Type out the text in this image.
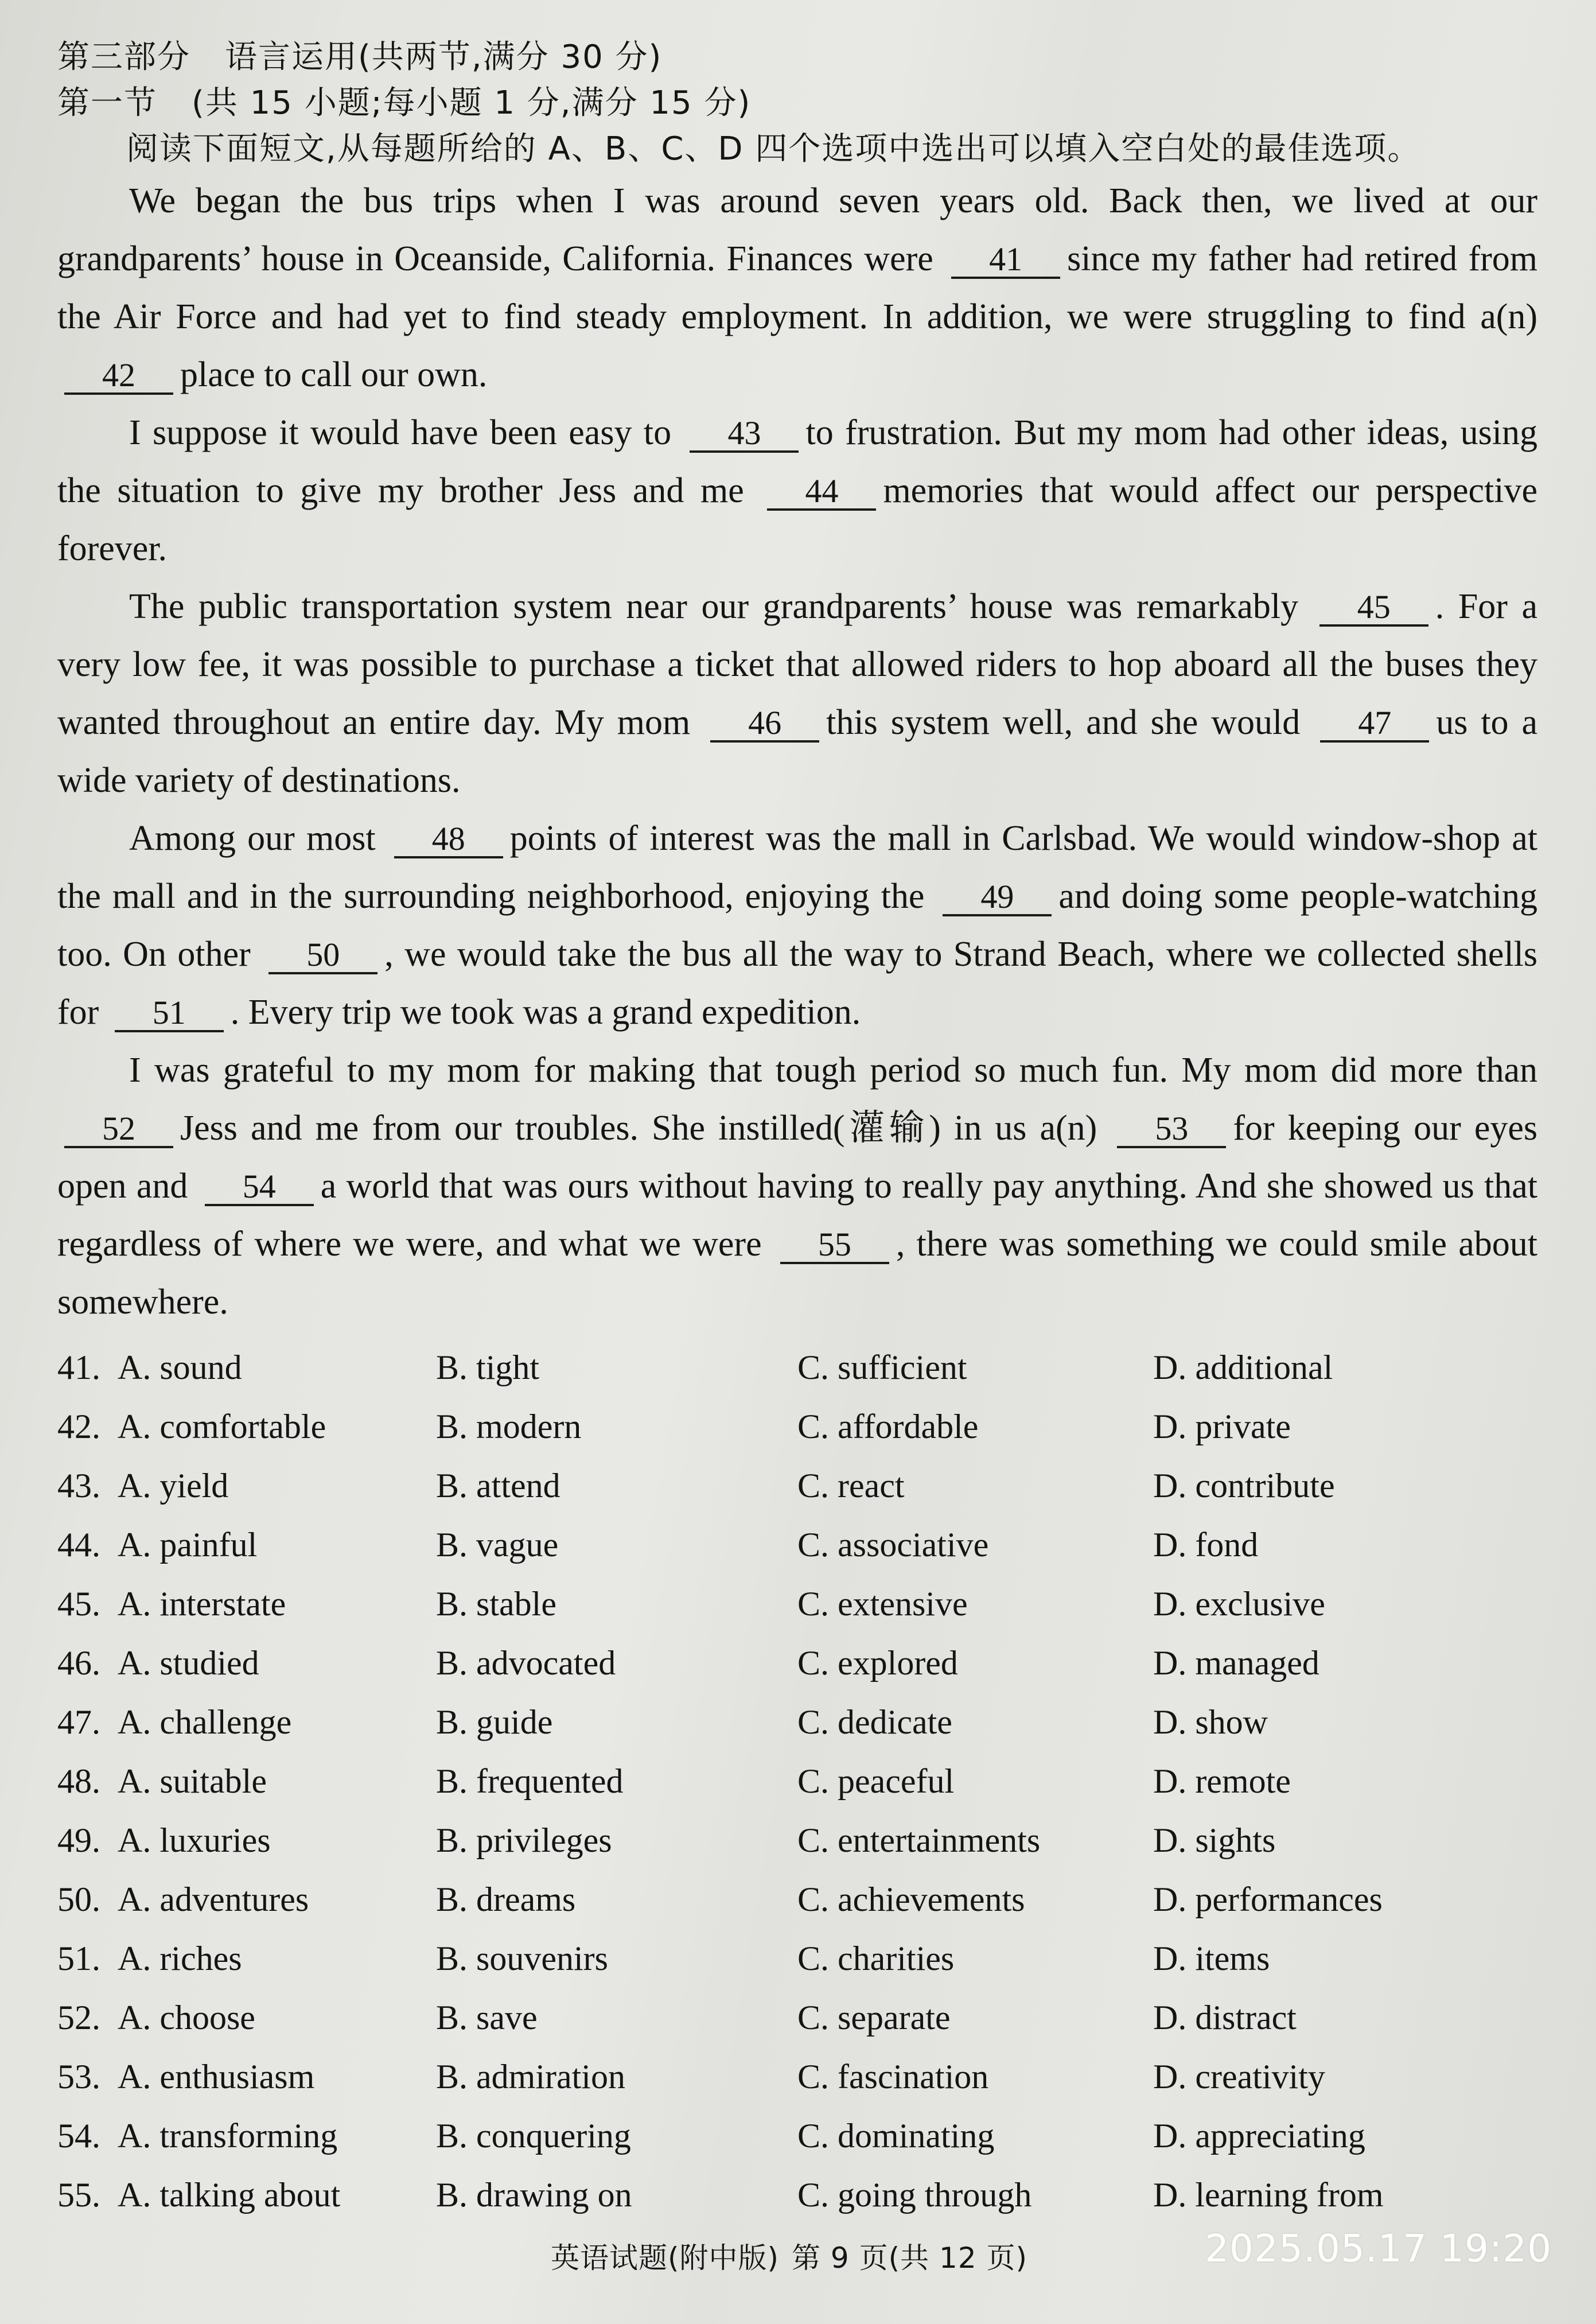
第三部分 语言运用(共两节,满分 30 分)
第一节 (共 15 小题;每小题 1 分,满分 15 分)
阅读下面短文,从每题所给的 A、B、C、D 四个选项中选出可以填入空白处的最佳选项。

We began the bus trips when I was around seven years old. Back then, we lived at our grandparents’ house in Oceanside, California. Finances were 41 since my father had retired from the Air Force and had yet to find steady employment. In addition, we were struggling to find a(n) 42 place to call our own.

I suppose it would have been easy to 43 to frustration. But my mom had other ideas, using the situation to give my brother Jess and me 44 memories that would affect our perspective forever.

The public transportation system near our grandparents’ house was remarkably 45 . For a very low fee, it was possible to purchase a ticket that allowed riders to hop aboard all the buses they wanted throughout an entire day. My mom 46 this system well, and she would 47 us to a wide variety of destinations.

Among our most 48 points of interest was the mall in Carlsbad. We would window-shop at the mall and in the surrounding neighborhood, enjoying the 49 and doing some people-watching too. On other 50 , we would take the bus all the way to Strand Beach, where we collected shells for 51 . Every trip we took was a grand expedition.

I was grateful to my mom for making that tough period so much fun. My mom did more than 52 Jess and me from our troubles. She instilled(灌输) in us a(n) 53 for keeping our eyes open and 54 a world that was ours without having to really pay anything. And she showed us that regardless of where we were, and what we were 55 , there was something we could smile about somewhere.

41. A. sound	B. tight	C. sufficient	D. additional
42. A. comfortable	B. modern	C. affordable	D. private
43. A. yield	B. attend	C. react	D. contribute
44. A. painful	B. vague	C. associative	D. fond
45. A. interstate	B. stable	C. extensive	D. exclusive
46. A. studied	B. advocated	C. explored	D. managed
47. A. challenge	B. guide	C. dedicate	D. show
48. A. suitable	B. frequented	C. peaceful	D. remote
49. A. luxuries	B. privileges	C. entertainments	D. sights
50. A. adventures	B. dreams	C. achievements	D. performances
51. A. riches	B. souvenirs	C. charities	D. items
52. A. choose	B. save	C. separate	D. distract
53. A. enthusiasm	B. admiration	C. fascination	D. creativity
54. A. transforming	B. conquering	C. dominating	D. appreciating
55. A. talking about	B. drawing on	C. going through	D. learning from
英语试题(附中版) 第 9 页(共 12 页)	2025.05.17 19:20
